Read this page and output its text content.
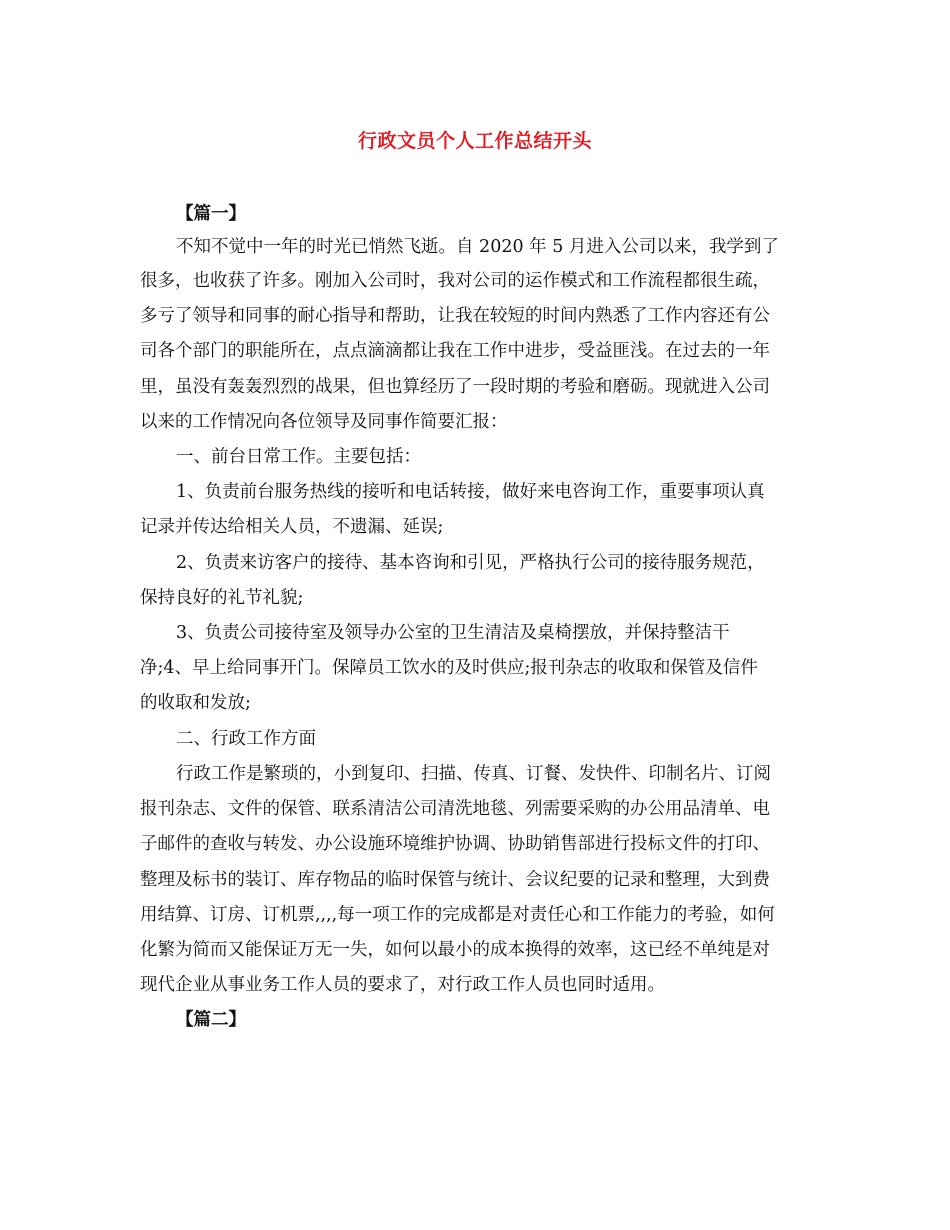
行政文员个人工作总结开头
【篇一】
不知不觉中一年的时光已悄然飞逝。自 2020 年 5 月进入公司以来，我学到了
很多，也收获了许多。刚加入公司时，我对公司的运作模式和工作流程都很生疏，
多亏了领导和同事的耐心指导和帮助，让我在较短的时间内熟悉了工作内容还有公
司各个部门的职能所在，点点滴滴都让我在工作中进步，受益匪浅。在过去的一年
里，虽没有轰轰烈烈的战果，但也算经历了一段时期的考验和磨砺。现就进入公司
以来的工作情况向各位领导及同事作简要汇报：
一、前台日常工作。主要包括：
1、负责前台服务热线的接听和电话转接，做好来电咨询工作，重要事项认真
记录并传达给相关人员，不遗漏、延误;
2、负责来访客户的接待、基本咨询和引见，严格执行公司的接待服务规范，
保持良好的礼节礼貌;
3、负责公司接待室及领导办公室的卫生清洁及桌椅摆放，并保持整洁干
净;4、早上给同事开门。保障员工饮水的及时供应;报刊杂志的收取和保管及信件
的收取和发放;
二、行政工作方面
行政工作是繁琐的，小到复印、扫描、传真、订餐、发快件、印制名片、订阅
报刊杂志、文件的保管、联系清洁公司清洗地毯、列需要采购的办公用品清单、电
子邮件的查收与转发、办公设施环境维护协调、协助销售部进行投标文件的打印、
整理及标书的装订、库存物品的临时保管与统计、会议纪要的记录和整理，大到费
用结算、订房、订机票,,,,每一项工作的完成都是对责任心和工作能力的考验，如何
化繁为简而又能保证万无一失，如何以最小的成本换得的效率，这已经不单纯是对
现代企业从事业务工作人员的要求了，对行政工作人员也同时适用。
【篇二】
